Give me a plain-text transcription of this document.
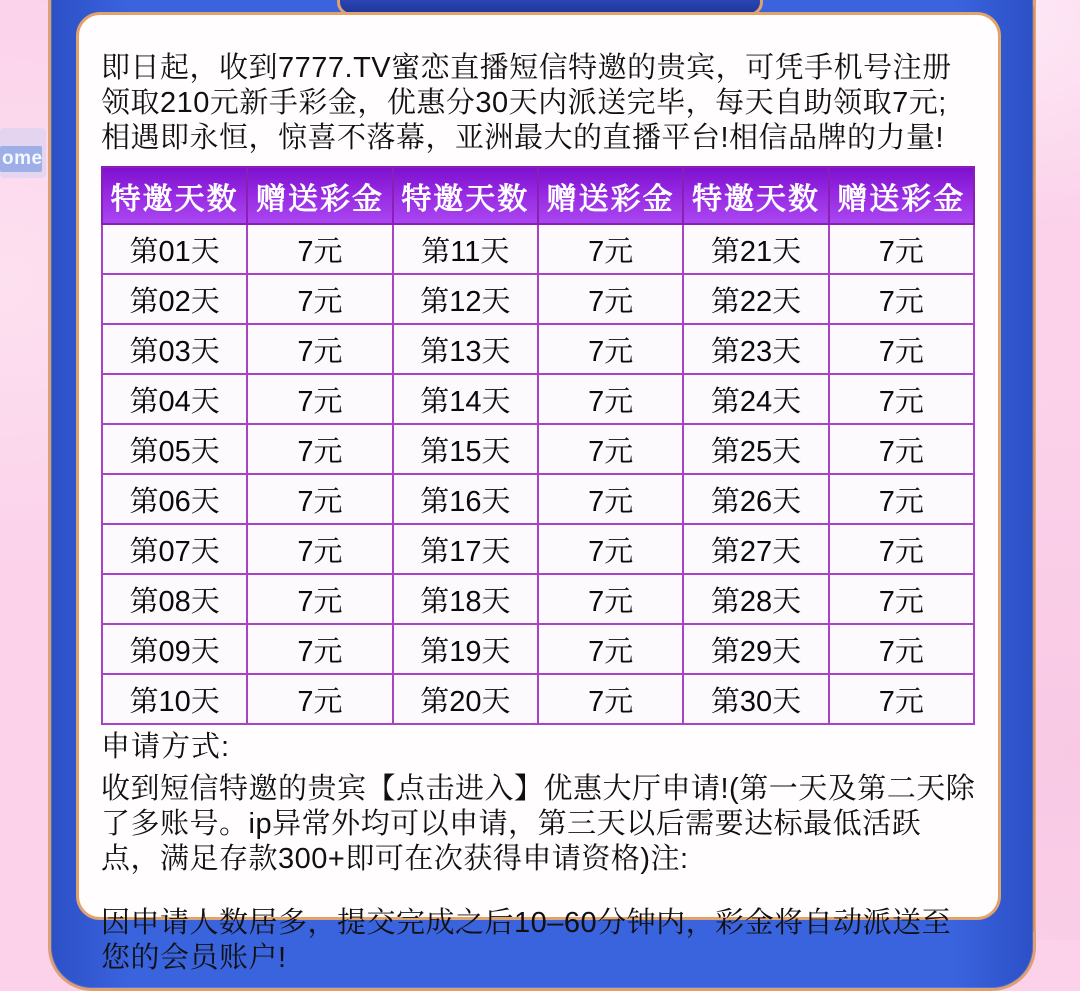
ome

即日起，收到7777.TV蜜恋直播短信特邀的贵宾，可凭手机号注册领取210元新手彩金，优惠分30天内派送完毕，每天自助领取7元;相遇即永恒，惊喜不落幕，亚洲最大的直播平台!相信品牌的力量!

特邀天数	赠送彩金	特邀天数	赠送彩金	特邀天数	赠送彩金
第01天	7元	第11天	7元	第21天	7元
第02天	7元	第12天	7元	第22天	7元
第03天	7元	第13天	7元	第23天	7元
第04天	7元	第14天	7元	第24天	7元
第05天	7元	第15天	7元	第25天	7元
第06天	7元	第16天	7元	第26天	7元
第07天	7元	第17天	7元	第27天	7元
第08天	7元	第18天	7元	第28天	7元
第09天	7元	第19天	7元	第29天	7元
第10天	7元	第20天	7元	第30天	7元
申请方式:

收到短信特邀的贵宾【点击进入】优惠大厅申请!(第一天及第二天除了多账号。ip异常外均可以申请，第三天以后需要达标最低活跃点，满足存款300+即可在次获得申请资格)注:

因申请人数居多，提交完成之后10–60分钟内，彩金将自动派送至您的会员账户!
